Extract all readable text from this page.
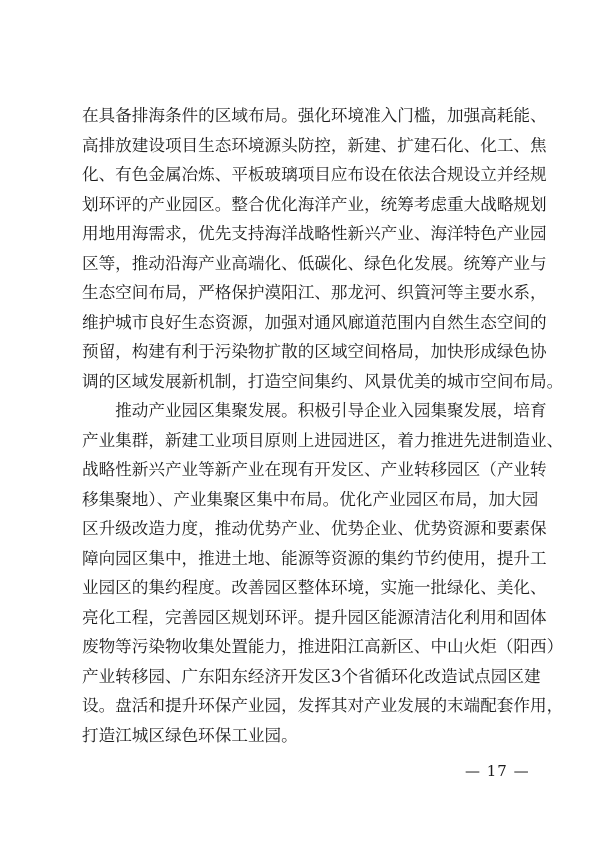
在具备排海条件的区域布局。强化环境准入门槛，加强高耗能、
高排放建设项目生态环境源头防控，新建、扩建石化、化工、焦
化、有色金属冶炼、平板玻璃项目应布设在依法合规设立并经规
划环评的产业园区。整合优化海洋产业，统筹考虑重大战略规划
用地用海需求，优先支持海洋战略性新兴产业、海洋特色产业园
区等，推动沿海产业高端化、低碳化、绿色化发展。统筹产业与
生态空间布局，严格保护漠阳江、那龙河、织篢河等主要水系，
维护城市良好生态资源，加强对通风廊道范围内自然生态空间的
预留，构建有利于污染物扩散的区域空间格局，加快形成绿色协
调的区域发展新机制，打造空间集约、风景优美的城市空间布局。
　　推动产业园区集聚发展。积极引导企业入园集聚发展，培育
产业集群，新建工业项目原则上进园进区，着力推进先进制造业、
战略性新兴产业等新产业在现有开发区、产业转移园区（产业转
移集聚地）、产业集聚区集中布局。优化产业园区布局，加大园
区升级改造力度，推动优势产业、优势企业、优势资源和要素保
障向园区集中，推进土地、能源等资源的集约节约使用，提升工
业园区的集约程度。改善园区整体环境，实施一批绿化、美化、
亮化工程，完善园区规划环评。提升园区能源清洁化利用和固体
废物等污染物收集处置能力，推进阳江高新区、中山火炬（阳西）
产业转移园、广东阳东经济开发区3个省循环化改造试点园区建
设。盘活和提升环保产业园，发挥其对产业发展的末端配套作用，
打造江城区绿色环保工业园。
— 17 —
